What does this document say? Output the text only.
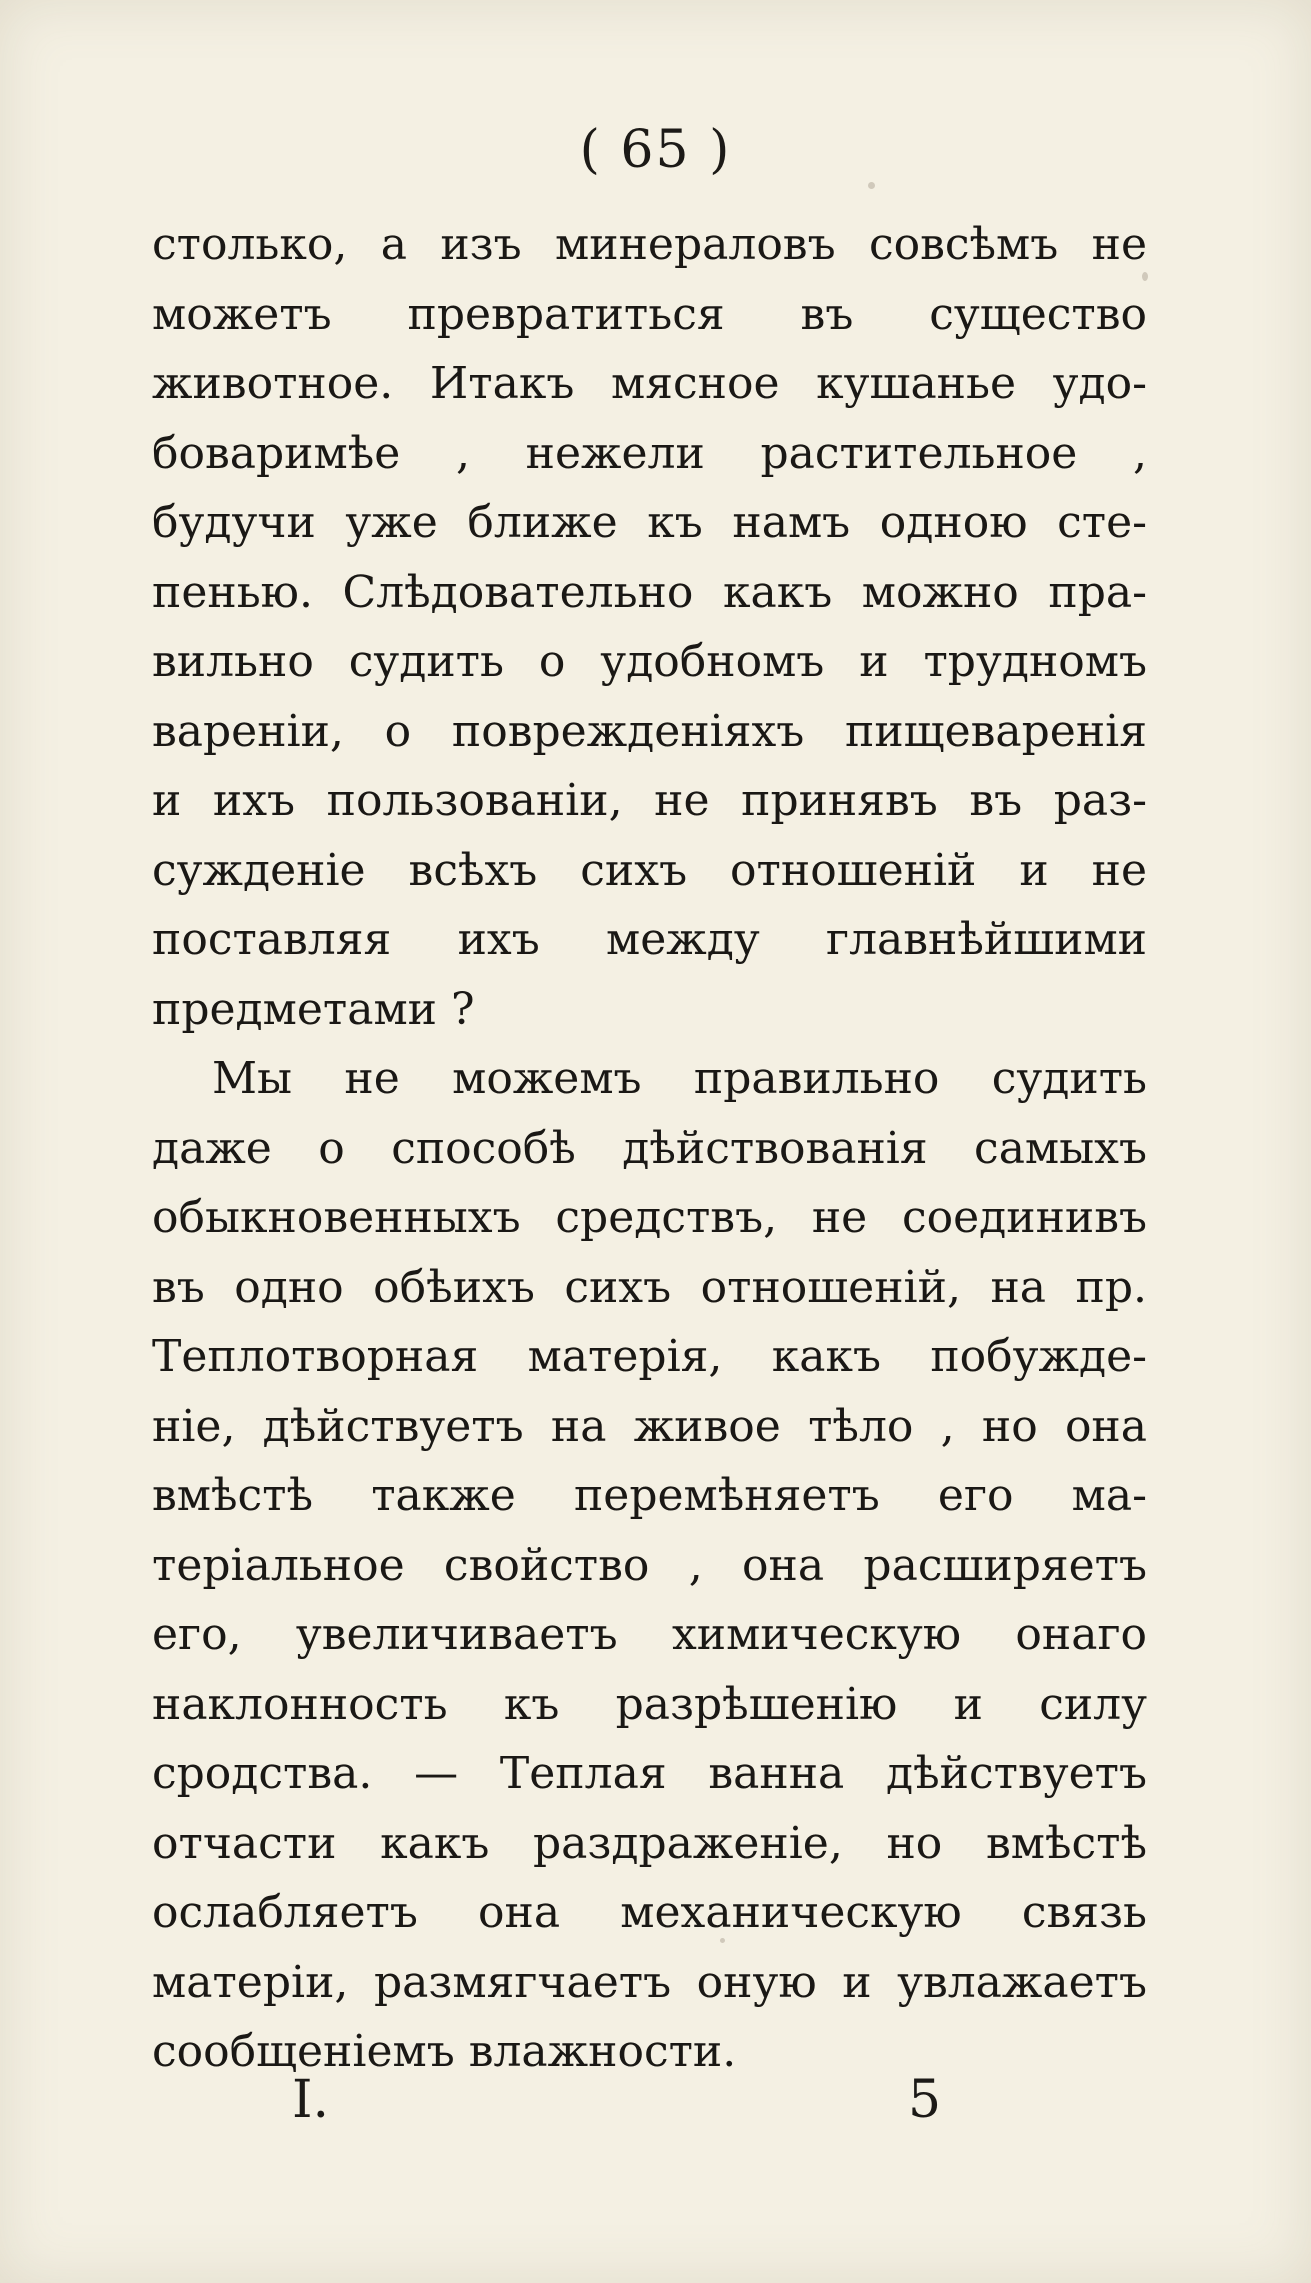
( 65 )
столько, а изъ минераловъ совсѣмъ не
можетъ превратиться въ существо
животное. Итакъ мясное кушанье удо-
боваримѣе , нежели растительное ,
будучи уже ближе къ намъ одною сте-
пенью. Слѣдовательно какъ можно пра-
вильно судить о удобномъ и трудномъ
вареніи, о поврежденіяхъ пищеваренія
и ихъ пользованіи, не принявъ въ раз-
сужденіе всѣхъ сихъ отношеній и не
поставляя ихъ между главнѣйшими
предметами ?
Мы не можемъ правильно судить
даже о способѣ дѣйствованія самыхъ
обыкновенныхъ средствъ, не соединивъ
въ одно обѣихъ сихъ отношеній, на пр.
Теплотворная матерія, какъ побужде-
ніе, дѣйствуетъ на живое тѣло , но она
вмѣстѣ также перемѣняетъ его ма-
теріальное свойство , она расширяетъ
его, увеличиваетъ химическую онаго
наклонность къ разрѣшенію и силу
сродства. — Теплая ванна дѣйствуетъ
отчасти какъ раздраженіе, но вмѣстѣ
ослабляетъ она механическую связь
матеріи, размягчаетъ оную и увлажаетъ
сообщеніемъ влажности.
I.	5
